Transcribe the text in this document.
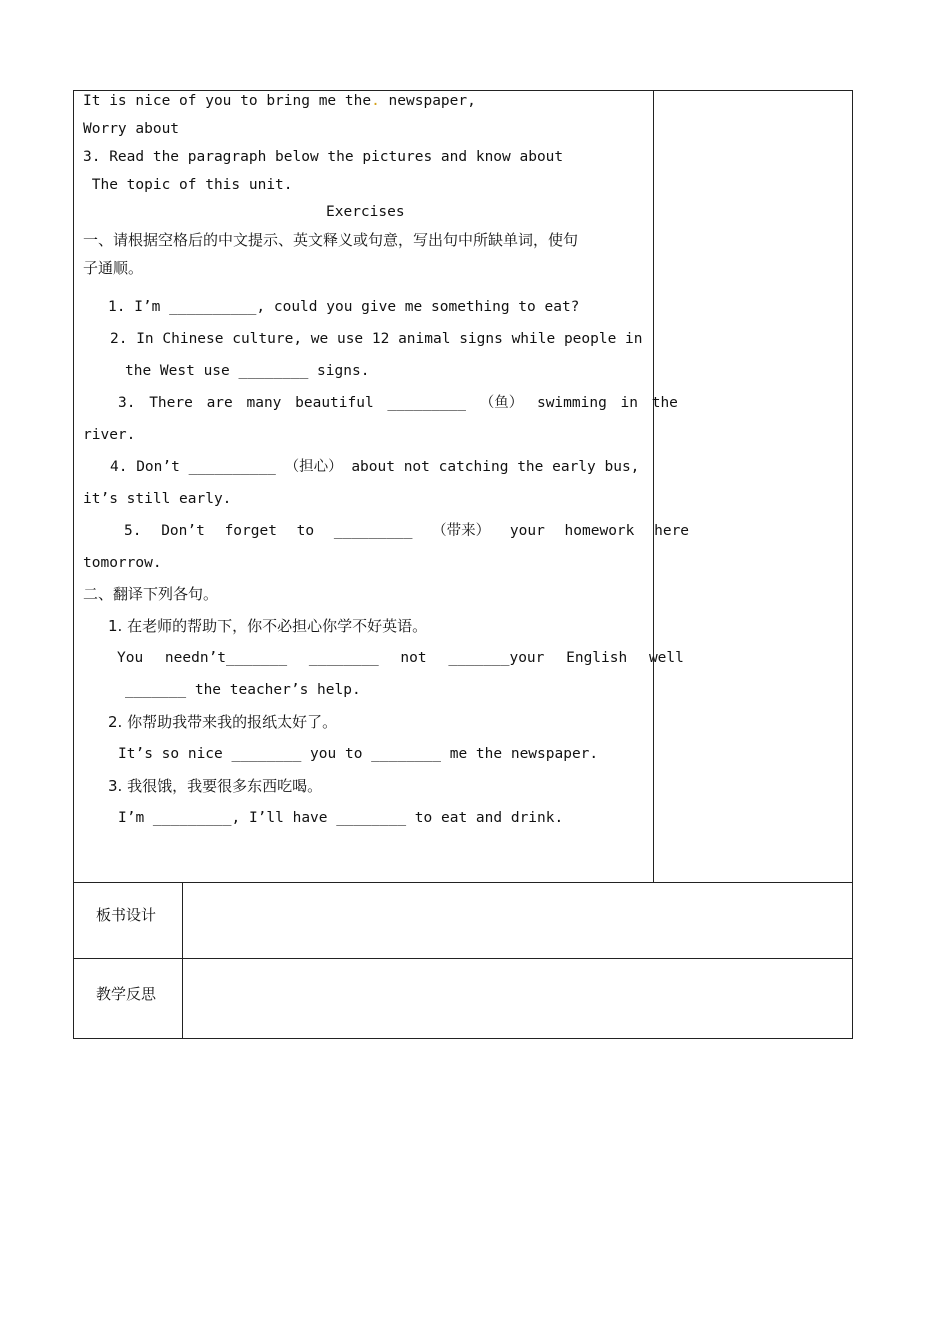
It is nice of you to bring me the. newspaper,
Worry about
3. Read the paragraph below the pictures and know about
The topic of this unit.
Exercises
一、请根据空格后的中文提示、英文释义或句意，写出句中所缺单词，使句
子通顺。
1. I’m __________, could you give me something to eat?
2. In Chinese culture, we use 12 animal signs while people in
the West use ________ signs.
3. There are many beautiful _________ （鱼） swimming in the
river.
4. Don’t __________ （担心） about not catching the early bus,
it’s still early.
5. Don’t forget to _________ （带来） your homework here
tomorrow.
二、翻译下列各句。
1. 在老师的帮助下，你不必担心你学不好英语。
You needn’t_______ ________ not _______your English well
_______ the teacher’s help.
2. 你帮助我带来我的报纸太好了。
It’s so nice ________ you to ________ me the newspaper.
3. 我很饿，我要很多东西吃喝。
I’m _________, I’ll have ________ to eat and drink.
板书设计
教学反思
